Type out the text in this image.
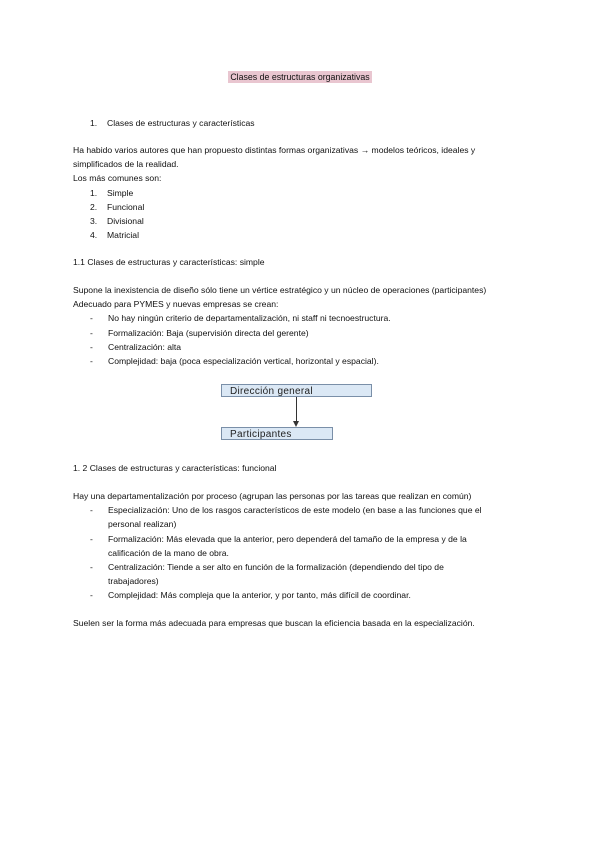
Clases de estructuras organizativas
1. Clases de estructuras y características
Ha habido varios autores que han propuesto distintas formas organizativas → modelos teóricos, ideales y
simplificados de la realidad.
Los más comunes son:
1. Simple
2. Funcional
3. Divisional
4. Matricial
1.1 Clases de estructuras y características: simple
Supone la inexistencia de diseño sólo tiene un vértice estratégico y un núcleo de operaciones (participantes)
Adecuado para PYMES y nuevas empresas se crean:
- No hay ningún criterio de departamentalización, ni staff ni tecnoestructura.
- Formalización: Baja (supervisión directa del gerente)
- Centralización: alta
- Complejidad: baja (poca especialización vertical, horizontal y espacial).
Dirección general
Participantes
1. 2 Clases de estructuras y características: funcional
Hay una departamentalización por proceso (agrupan las personas por las tareas que realizan en común)
- Especialización: Uno de los rasgos característicos de este modelo (en base a las funciones que el
personal realizan)
- Formalización: Más elevada que la anterior, pero dependerá del tamaño de la empresa y de la
calificación de la mano de obra.
- Centralización: Tiende a ser alto en función de la formalización (dependiendo del tipo de
trabajadores)
- Complejidad: Más compleja que la anterior, y por tanto, más difícil de coordinar.
Suelen ser la forma más adecuada para empresas que buscan la eficiencia basada en la especialización.
